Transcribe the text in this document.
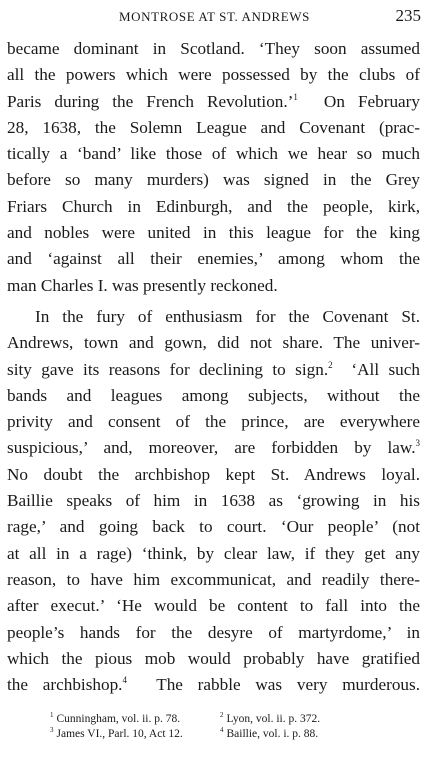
MONTROSE AT ST. ANDREWS	235
became dominant in Scotland. ‘They soon assumed
all the powers which were possessed by the clubs of
Paris during the French Revolution.’$^1$  On February
28, 1638, the Solemn League and Covenant (prac-
tically a ‘band’ like those of which we hear so much
before so many murders) was signed in the Grey
Friars Church in Edinburgh, and the people, kirk,
and nobles were united in this league for the king
and ‘against all their enemies,’ among whom the
man Charles I. was presently reckoned.
In the fury of enthusiasm for the Covenant St.
Andrews, town and gown, did not share. The univer-
sity gave its reasons for declining to sign.$^2$  ‘All such
bands and leagues among subjects, without the
privity and consent of the prince, are everywhere
suspicious,’ and, moreover, are forbidden by law.$^3$
No doubt the archbishop kept St. Andrews loyal.
Baillie speaks of him in 1638 as ‘growing in his
rage,’ and going back to court. ‘Our people’ (not
at all in a rage) ‘think, by clear law, if they get any
reason, to have him excommunicat, and readily there-
after execut.’ ‘He would be content to fall into the
people’s hands for the desyre of martyrdome,’ in
which the pious mob would probably have gratified
the archbishop.$^4$  The rabble was very murderous.
$^1$ Cunningham, vol. ii. p. 78.	$^2$ Lyon, vol. ii. p. 372.
$^3$ James VI., Parl. 10, Act 12.	$^4$ Baillie, vol. i. p. 88.
